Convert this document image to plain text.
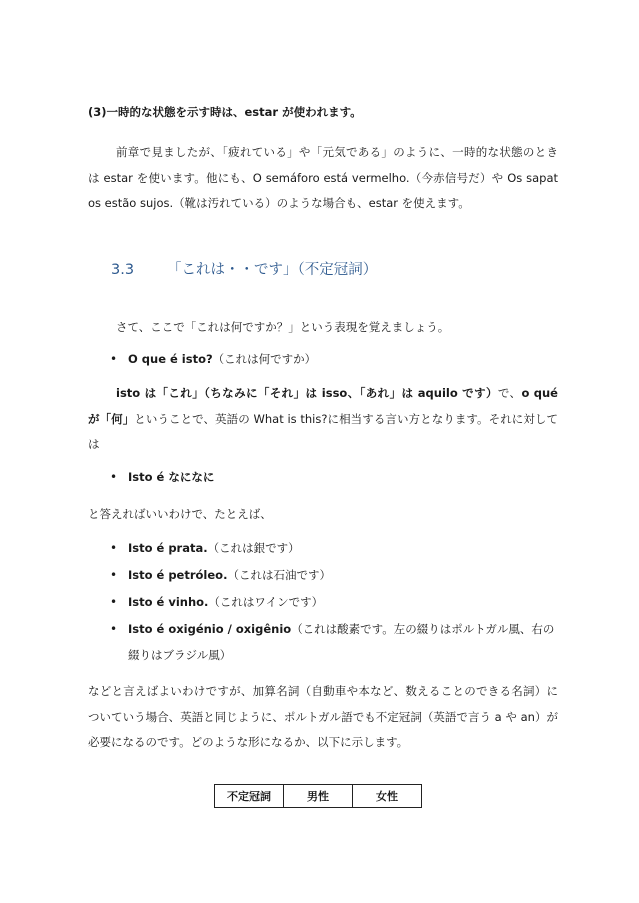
(3)一時的な状態を示す時は、estar が使われます。

前章で見ましたが、「疲れている」や「元気である」のように、一時的な状態のときは estar を使います。他にも、O semáforo está vermelho.（今赤信号だ）や Os sapatos estão sujos.（靴は汚れている）のような場合も、estar を使えます。

3.3 「これは・・です」（不定冠詞）

さて、ここで「これは何ですか？」という表現を覚えましょう。

• O que é isto?（これは何ですか）

isto は「これ」（ちなみに「それ」は isso、「あれ」は aquilo です）で、o qué が「何」ということで、英語の What is this?に相当する言い方となります。それに対しては

• Isto é なになに

と答えればいいわけで、たとえば、

• Isto é prata.（これは銀です）
• Isto é petróleo.（これは石油です）
• Isto é vinho.（これはワインです）
• Isto é oxigénio / oxigênio（これは酸素です。左の綴りはポルトガル風、右の綴りはブラジル風）

などと言えばよいわけですが、加算名詞（自動車や本など、数えることのできる名詞）についていう場合、英語と同じように、ポルトガル語でも不定冠詞（英語で言う a や an）が必要になるのです。どのような形になるか、以下に示します。

不定冠詞	男性	女性
